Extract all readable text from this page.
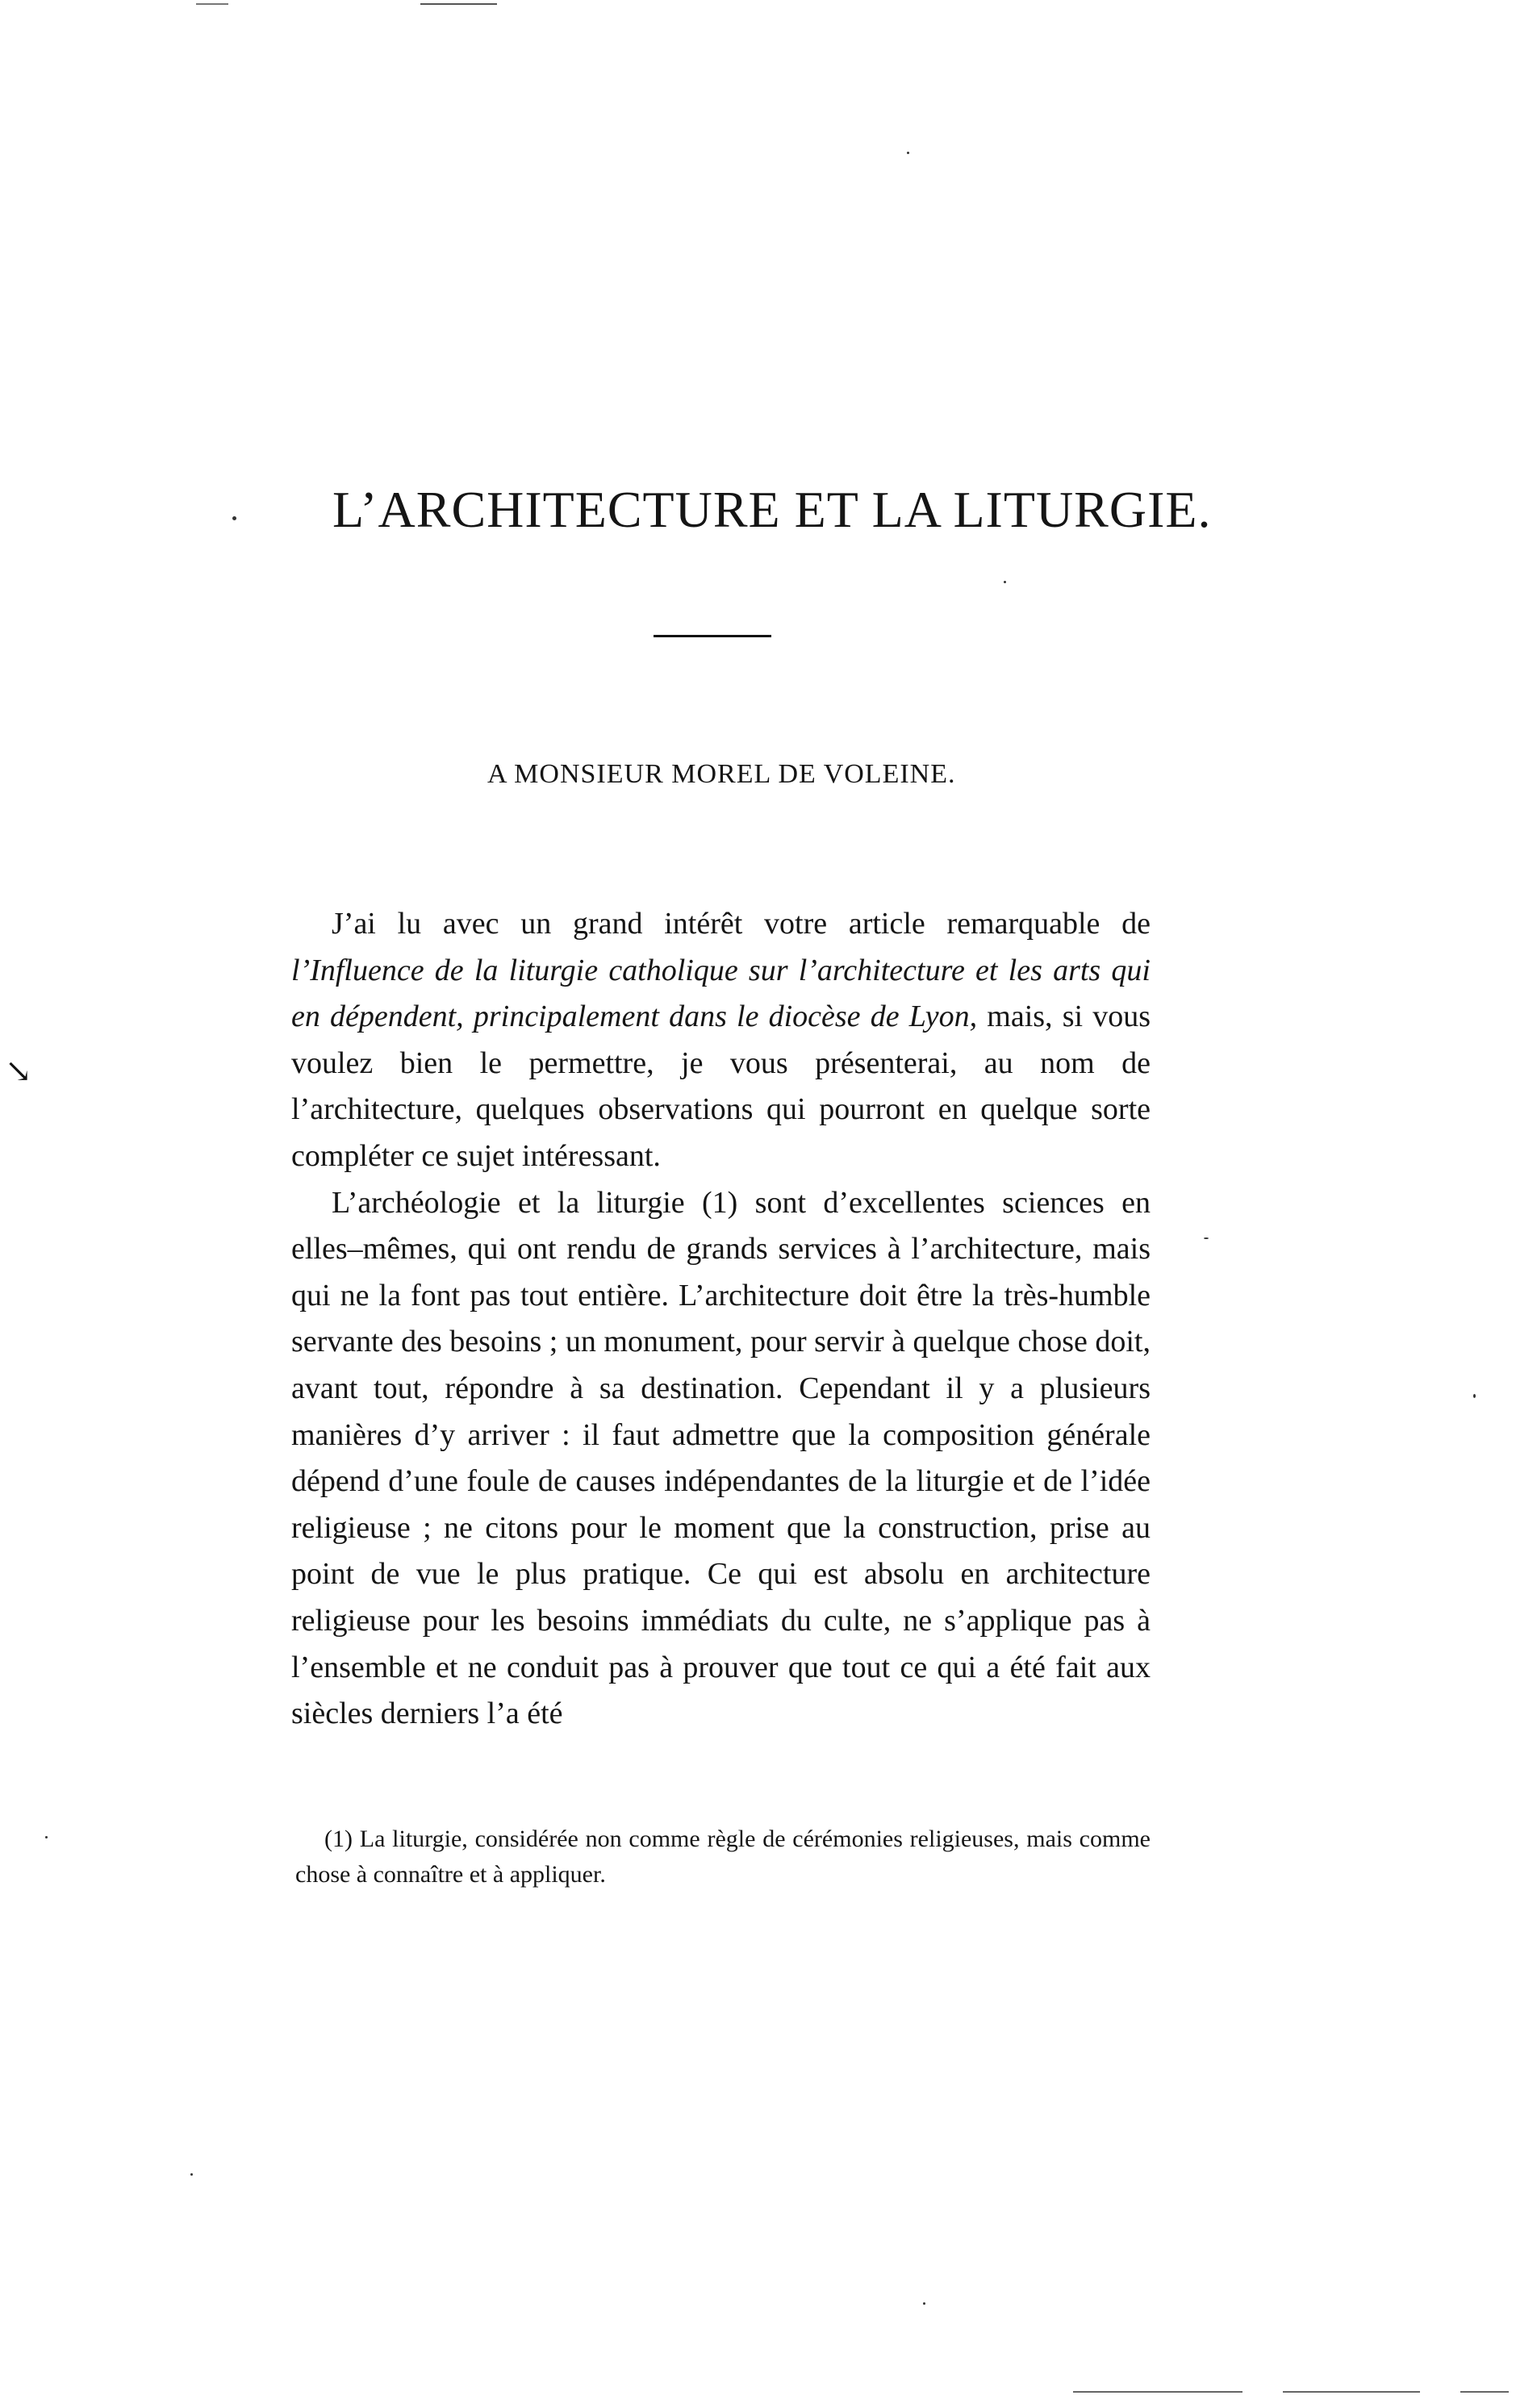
↘
L’ARCHITECTURE ET LA LITURGIE.
A MONSIEUR MOREL DE VOLEINE.

J’ai lu avec un grand intérêt votre article remarquable de l’Influence de la liturgie catholique sur l’architecture et les arts qui en dépendent, principalement dans le diocèse de Lyon, mais, si vous voulez bien le permettre, je vous présenterai, au nom de l’architecture, quelques observations qui pourront en quelque sorte compléter ce sujet intéressant.

L’archéologie et la liturgie (1) sont d’excellentes sciences en elles–mêmes, qui ont rendu de grands services à l’architecture, mais qui ne la font pas tout entière. L’architecture doit être la très-humble servante des besoins ; un monument, pour servir à quelque chose doit, avant tout, répondre à sa destination. Cependant il y a plusieurs manières d’y arriver : il faut admettre que la composition générale dépend d’une foule de causes indépendantes de la liturgie et de l’idée religieuse ; ne citons pour le moment que la construction, prise au point de vue le plus pratique. Ce qui est absolu en architecture religieuse pour les besoins immédiats du culte, ne s’applique pas à l’ensemble et ne conduit pas à prouver que tout ce qui a été fait aux siècles derniers l’a été

(1) La liturgie, considérée non comme règle de cérémonies religieuses, mais comme chose à connaître et à appliquer.
